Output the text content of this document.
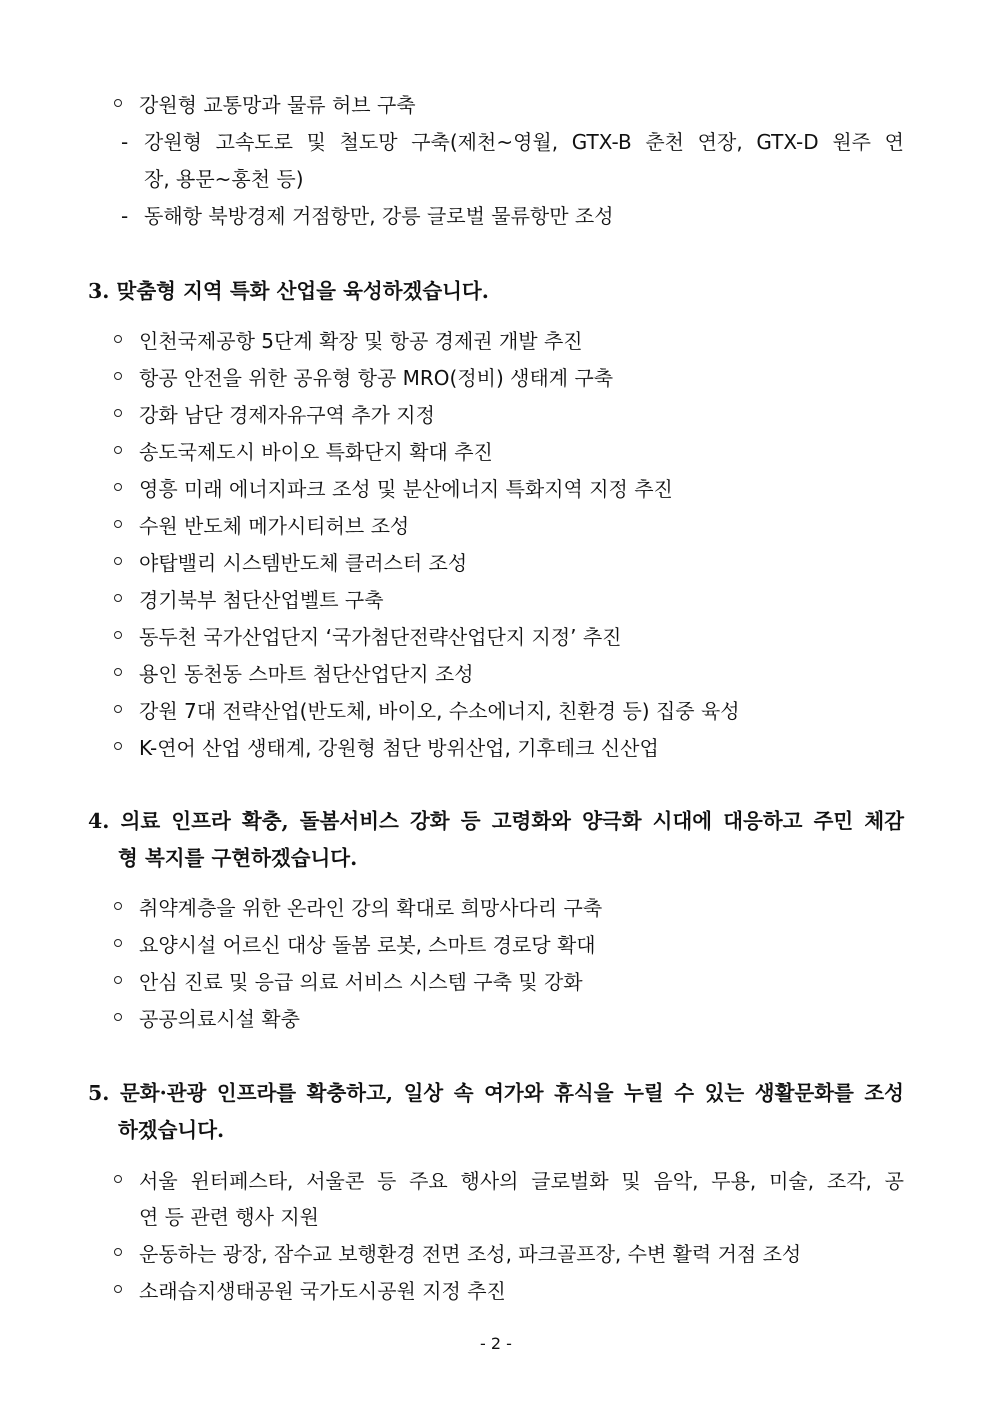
강원형 교통망과 물류 허브 구축
- 강원형 고속도로 및 철도망 구축(제천~영월, GTX-B 춘천 연장, GTX-D 원주 연
장, 용문~홍천 등)
- 동해항 북방경제 거점항만, 강릉 글로벌 물류항만 조성
3. 맞춤형 지역 특화 산업을 육성하겠습니다.
인천국제공항 5단계 확장 및 항공 경제권 개발 추진
항공 안전을 위한 공유형 항공 MRO(정비) 생태계 구축
강화 남단 경제자유구역 추가 지정
송도국제도시 바이오 특화단지 확대 추진
영흥 미래 에너지파크 조성 및 분산에너지 특화지역 지정 추진
수원 반도체 메가시티허브 조성
야탑밸리 시스템반도체 클러스터 조성
경기북부 첨단산업벨트 구축
동두천 국가산업단지 ‘국가첨단전략산업단지 지정’ 추진
용인 동천동 스마트 첨단산업단지 조성
강원 7대 전략산업(반도체, 바이오, 수소에너지, 친환경 등) 집중 육성
K-연어 산업 생태계, 강원형 첨단 방위산업, 기후테크 신산업
4. 의료 인프라 확충, 돌봄서비스 강화 등 고령화와 양극화 시대에 대응하고 주민 체감
형 복지를 구현하겠습니다.
취약계층을 위한 온라인 강의 확대로 희망사다리 구축
요양시설 어르신 대상 돌봄 로봇, 스마트 경로당 확대
안심 진료 및 응급 의료 서비스 시스템 구축 및 강화
공공의료시설 확충
5. 문화·관광 인프라를 확충하고, 일상 속 여가와 휴식을 누릴 수 있는 생활문화를 조성
하겠습니다.
서울 윈터페스타, 서울콘 등 주요 행사의 글로벌화 및 음악, 무용, 미술, 조각, 공
연 등 관련 행사 지원
운동하는 광장, 잠수교 보행환경 전면 조성, 파크골프장, 수변 활력 거점 조성
소래습지생태공원 국가도시공원 지정 추진
- 2 -
